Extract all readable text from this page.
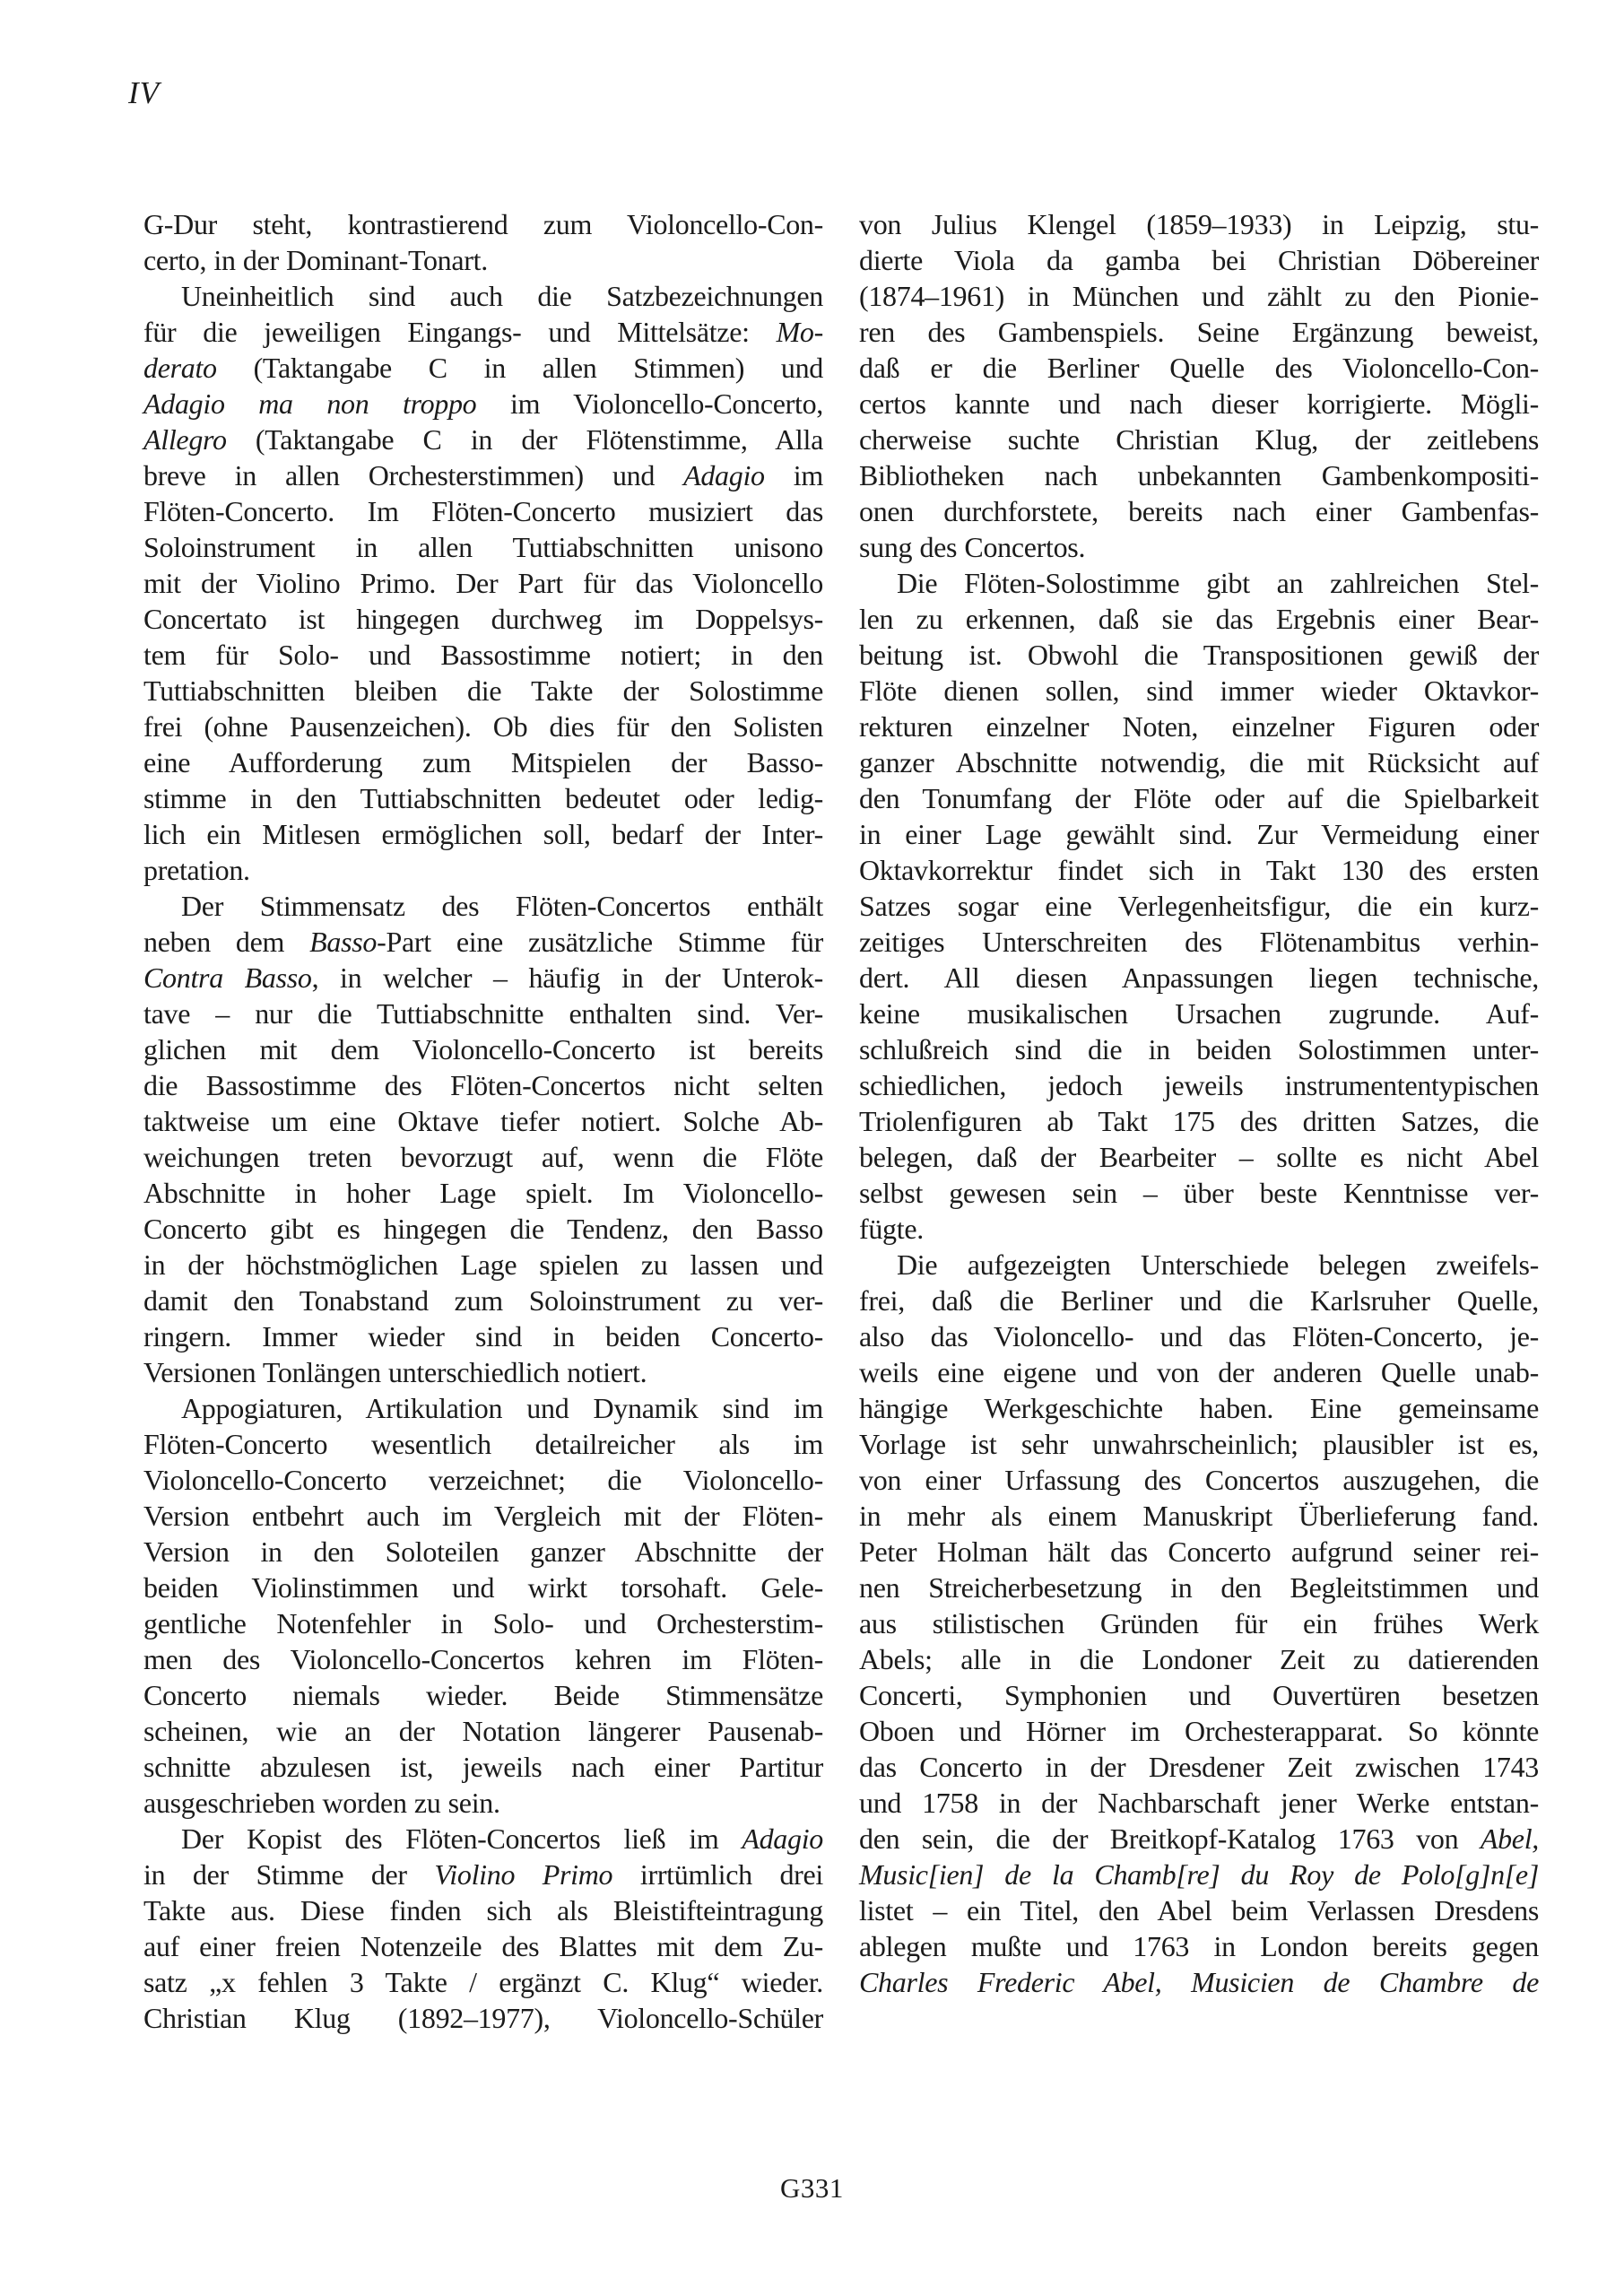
IV
G-Dur steht, kontrastierend zum Violoncello-Con-
certo, in der Dominant-Tonart.
Uneinheitlich sind auch die Satzbezeichnungen
für die jeweiligen Eingangs- und Mittelsätze: Mo-
derato (Taktangabe C in allen Stimmen) und
Adagio ma non troppo im Violoncello-Concerto,
Allegro (Taktangabe C in der Flötenstimme, Alla
breve in allen Orchesterstimmen) und Adagio im
Flöten-Concerto. Im Flöten-Concerto musiziert das
Soloinstrument in allen Tuttiabschnitten unisono
mit der Violino Primo. Der Part für das Violoncello
Concertato ist hingegen durchweg im Doppelsys-
tem für Solo- und Bassostimme notiert; in den
Tuttiabschnitten bleiben die Takte der Solostimme
frei (ohne Pausenzeichen). Ob dies für den Solisten
eine Aufforderung zum Mitspielen der Basso-
stimme in den Tuttiabschnitten bedeutet oder ledig-
lich ein Mitlesen ermöglichen soll, bedarf der Inter-
pretation.
Der Stimmensatz des Flöten-Concertos enthält
neben dem Basso-Part eine zusätzliche Stimme für
Contra Basso, in welcher – häufig in der Unterok-
tave – nur die Tuttiabschnitte enthalten sind. Ver-
glichen mit dem Violoncello-Concerto ist bereits
die Bassostimme des Flöten-Concertos nicht selten
taktweise um eine Oktave tiefer notiert. Solche Ab-
weichungen treten bevorzugt auf, wenn die Flöte
Abschnitte in hoher Lage spielt. Im Violoncello-
Concerto gibt es hingegen die Tendenz, den Basso
in der höchstmöglichen Lage spielen zu lassen und
damit den Tonabstand zum Soloinstrument zu ver-
ringern. Immer wieder sind in beiden Concerto-
Versionen Tonlängen unterschiedlich notiert.
Appogiaturen, Artikulation und Dynamik sind im
Flöten-Concerto wesentlich detailreicher als im
Violoncello-Concerto verzeichnet; die Violoncello-
Version entbehrt auch im Vergleich mit der Flöten-
Version in den Soloteilen ganzer Abschnitte der
beiden Violinstimmen und wirkt torsohaft. Gele-
gentliche Notenfehler in Solo- und Orchesterstim-
men des Violoncello-Concertos kehren im Flöten-
Concerto niemals wieder. Beide Stimmensätze
scheinen, wie an der Notation längerer Pausenab-
schnitte abzulesen ist, jeweils nach einer Partitur
ausgeschrieben worden zu sein.
Der Kopist des Flöten-Concertos ließ im Adagio
in der Stimme der Violino Primo irrtümlich drei
Takte aus. Diese finden sich als Bleistifteintragung
auf einer freien Notenzeile des Blattes mit dem Zu-
satz „x fehlen 3 Takte / ergänzt C. Klug“ wieder.
Christian Klug (1892–1977), Violoncello-Schüler
von Julius Klengel (1859–1933) in Leipzig, stu-
dierte Viola da gamba bei Christian Döbereiner
(1874–1961) in München und zählt zu den Pionie-
ren des Gambenspiels. Seine Ergänzung beweist,
daß er die Berliner Quelle des Violoncello-Con-
certos kannte und nach dieser korrigierte. Mögli-
cherweise suchte Christian Klug, der zeitlebens
Bibliotheken nach unbekannten Gambenkompositi-
onen durchforstete, bereits nach einer Gambenfas-
sung des Concertos.
Die Flöten-Solostimme gibt an zahlreichen Stel-
len zu erkennen, daß sie das Ergebnis einer Bear-
beitung ist. Obwohl die Transpositionen gewiß der
Flöte dienen sollen, sind immer wieder Oktavkor-
rekturen einzelner Noten, einzelner Figuren oder
ganzer Abschnitte notwendig, die mit Rücksicht auf
den Tonumfang der Flöte oder auf die Spielbarkeit
in einer Lage gewählt sind. Zur Vermeidung einer
Oktavkorrektur findet sich in Takt 130 des ersten
Satzes sogar eine Verlegenheitsfigur, die ein kurz-
zeitiges Unterschreiten des Flötenambitus verhin-
dert. All diesen Anpassungen liegen technische,
keine musikalischen Ursachen zugrunde. Auf-
schlußreich sind die in beiden Solostimmen unter-
schiedlichen, jedoch jeweils instrumententypischen
Triolenfiguren ab Takt 175 des dritten Satzes, die
belegen, daß der Bearbeiter – sollte es nicht Abel
selbst gewesen sein – über beste Kenntnisse ver-
fügte.
Die aufgezeigten Unterschiede belegen zweifels-
frei, daß die Berliner und die Karlsruher Quelle,
also das Violoncello- und das Flöten-Concerto, je-
weils eine eigene und von der anderen Quelle unab-
hängige Werkgeschichte haben. Eine gemeinsame
Vorlage ist sehr unwahrscheinlich; plausibler ist es,
von einer Urfassung des Concertos auszugehen, die
in mehr als einem Manuskript Überlieferung fand.
Peter Holman hält das Concerto aufgrund seiner rei-
nen Streicherbesetzung in den Begleitstimmen und
aus stilistischen Gründen für ein frühes Werk
Abels; alle in die Londoner Zeit zu datierenden
Concerti, Symphonien und Ouvertüren besetzen
Oboen und Hörner im Orchesterapparat. So könnte
das Concerto in der Dresdener Zeit zwischen 1743
und 1758 in der Nachbarschaft jener Werke entstan-
den sein, die der Breitkopf-Katalog 1763 von Abel,
Music[ien] de la Chamb[re] du Roy de Polo[g]n[e]
listet – ein Titel, den Abel beim Verlassen Dresdens
ablegen mußte und 1763 in London bereits gegen
Charles Frederic Abel, Musicien de Chambre de
G331
